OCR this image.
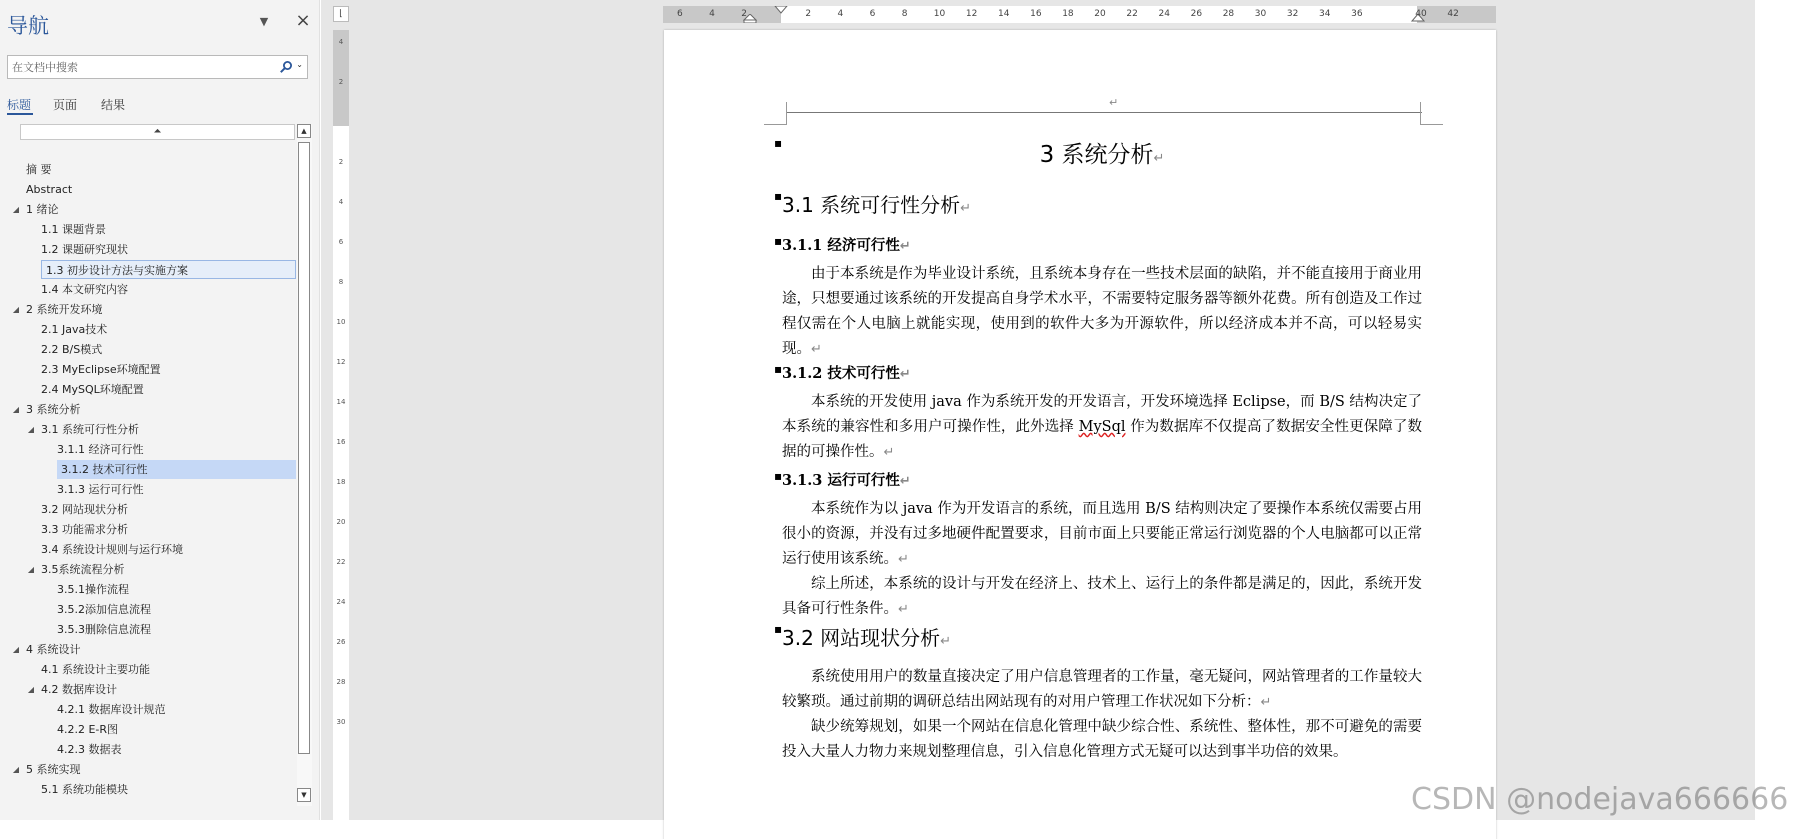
导航	▼ ×
在文档中搜索
⌄
标题 页面 结果
⏶
摘 要
Abstract
◢ 1 绪论
1.1 课题背景
1.2 课题研究现状
1.3 初步设计方法与实施方案
1.4 本文研究内容
◢ 2 系统开发环境
2.1 Java技术
2.2 B/S模式
2.3 MyEclipse环境配置
2.4 MySQL环境配置
◢ 3 系统分析
◢ 3.1 系统可行性分析
3.1.1 经济可行性
3.1.2 技术可行性
3.1.3 运行可行性
3.2 网站现状分析
3.3 功能需求分析
3.4 系统设计规则与运行环境
◢ 3.5系统流程分析
3.5.1操作流程
3.5.2添加信息流程
3.5.3删除信息流程
◢ 4 系统设计
4.1 系统设计主要功能
◢ 4.2 数据库设计
4.2.1 数据库设计规范
4.2.2 E-R图
4.2.3 数据表
◢ 5 系统实现
5.1 系统功能模块
▲
▼
⌊
4
2
2
4
6
8
10
12
14
16
18
20
22
24
26
28
30
6	4	2	2	4	6	8	10 12 14 16 18 20 22 24 26 28 30 32 34 36	40 42
↵
▪	3 系统分析↵
▪ 3.1 系统可行性分析↵
▪ 3.1.1 经济可行性↵

由于本系统是作为毕业设计系统，且系统本身存在一些技术层面的缺陷，并不能直接用于商业用途，只想要通过该系统的开发提高自身学术水平，不需要特定服务器等额外花费。所有创造及工作过程仅需在个人电脑上就能实现，使用到的软件大多为开源软件，所以经济成本并不高，可以轻易实现。↵

▪ 3.1.2 技术可行性↵

本系统的开发使用 java 作为系统开发的开发语言，开发环境选择 Eclipse，而 B/S 结构决定了本系统的兼容性和多用户可操作性，此外选择 MySql 作为数据库不仅提高了数据安全性更保障了数据的可操作性。↵

▪ 3.1.3 运行可行性↵

本系统作为以 java 作为开发语言的系统，而且选用 B/S 结构则决定了要操作本系统仅需要占用很小的资源，并没有过多地硬件配置要求，目前市面上只要能正常运行浏览器的个人电脑都可以正常运行使用该系统。↵

综上所述，本系统的设计与开发在经济上、技术上、运行上的条件都是满足的，因此，系统开发具备可行性条件。↵

▪ 3.2 网站现状分析↵

系统使用用户的数量直接决定了用户信息管理者的工作量，毫无疑问，网站管理者的工作量较大较繁琐。通过前期的调研总结出网站现有的对用户管理工作状况如下分析：↵

缺少统筹规划，如果一个网站在信息化管理中缺少综合性、系统性、整体性，那不可避免的需要投入大量人力物力来规划整理信息，引入信息化管理方式无疑可以达到事半功倍的效果。

CSDN @nodejava666666
